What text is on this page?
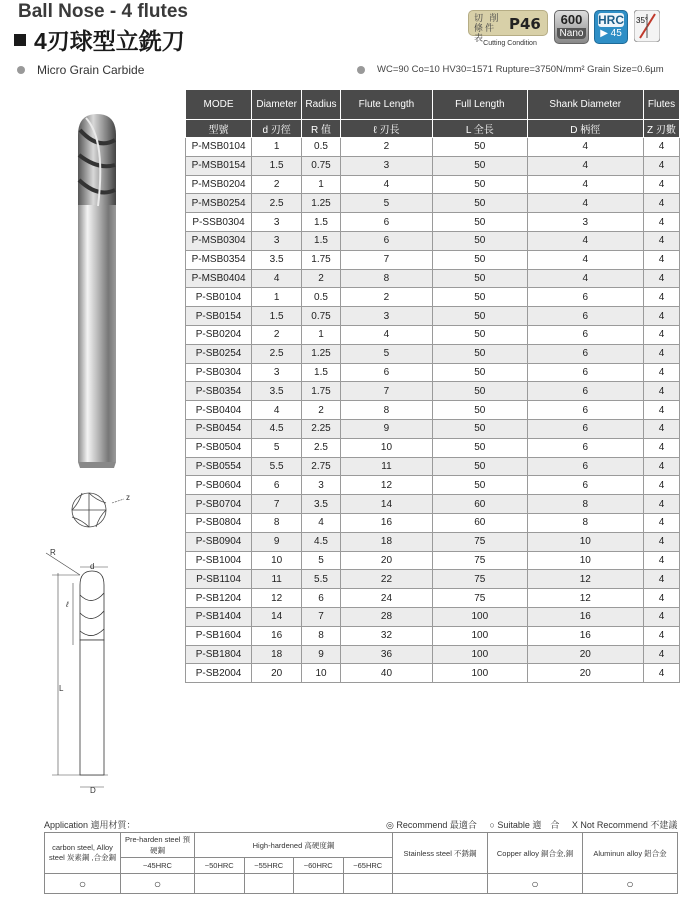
Ball Nose - 4 flutes
4刃球型立銑刀
切 削 條件表
P46	600
Nano
HRC
▶ 45
35°
Cutting Condition
Micro Grain Carbide	WC=90 Co=10 HV30=1571 Rupture=3750N/mm² Grain Size=0.6µm
z
R
d
ℓ
L
D
MODE	Diameter	Radius	Flute Length	Full Length	Shank Diameter	Flutes
型號	d 刃徑	R 值	ℓ 刃長	L 全長	D 柄徑	Z 刃數
P-MSB0104	1	0.5	2	50	4	4
P-MSB0154	1.5	0.75	3	50	4	4
P-MSB0204	2	1	4	50	4	4
P-MSB0254	2.5	1.25	5	50	4	4
P-SSB0304	3	1.5	6	50	3	4
P-MSB0304	3	1.5	6	50	4	4
P-MSB0354	3.5	1.75	7	50	4	4
P-MSB0404	4	2	8	50	4	4
P-SB0104	1	0.5	2	50	6	4
P-SB0154	1.5	0.75	3	50	6	4
P-SB0204	2	1	4	50	6	4
P-SB0254	2.5	1.25	5	50	6	4
P-SB0304	3	1.5	6	50	6	4
P-SB0354	3.5	1.75	7	50	6	4
P-SB0404	4	2	8	50	6	4
P-SB0454	4.5	2.25	9	50	6	4
P-SB0504	5	2.5	10	50	6	4
P-SB0554	5.5	2.75	11	50	6	4
P-SB0604	6	3	12	50	6	4
P-SB0704	7	3.5	14	60	8	4
P-SB0804	8	4	16	60	8	4
P-SB0904	9	4.5	18	75	10	4
P-SB1004	10	5	20	75	10	4
P-SB1104	11	5.5	22	75	12	4
P-SB1204	12	6	24	75	12	4
P-SB1404	14	7	28	100	16	4
P-SB1604	16	8	32	100	16	4
P-SB1804	18	9	36	100	20	4
P-SB2004	20	10	40	100	20	4
Application 適用材質：	◎ Recommend 最適合 ○ Suitable 適　合 X Not Recommend 不建議
carbon steel, Alloy steel 炭素鋼 ,合金鋼	Pre-harden steel 預硬鋼	High-hardened 高硬度鋼				Stainless steel 不銹鋼	Copper alloy 銅合金,銅	Aluminun alloy 鋁合金
	~45HRC	~50HRC	~55HRC	~60HRC	~65HRC			
○	○						○	○
